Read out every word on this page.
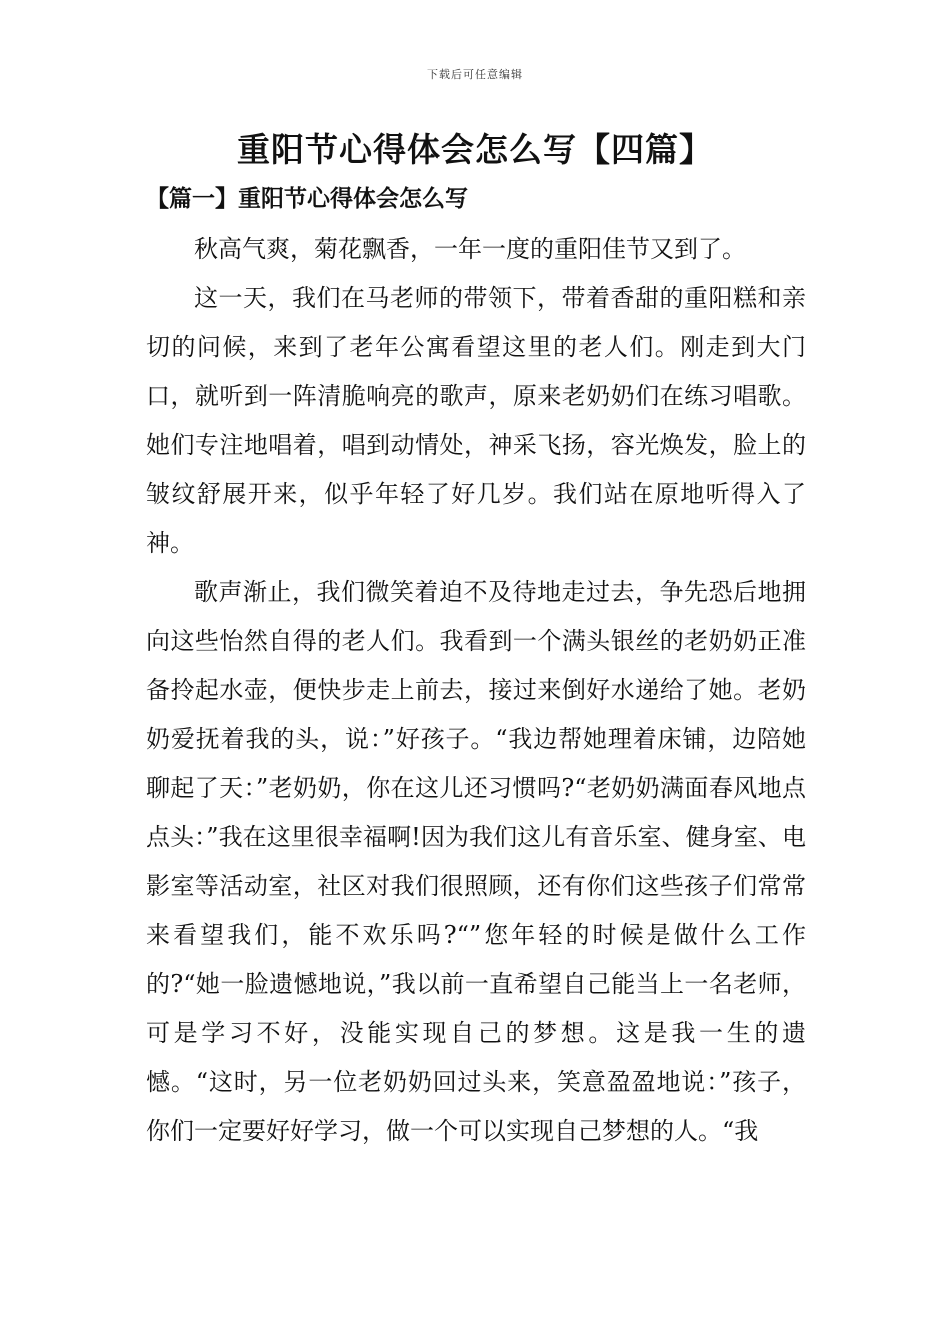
下载后可任意编辑
重阳节心得体会怎么写【四篇】
【篇一】重阳节心得体会怎么写

秋高气爽，菊花飘香，一年一度的重阳佳节又到了。

这一天，我们在马老师的带领下，带着香甜的重阳糕和亲切的问候，来到了老年公寓看望这里的老人们。刚走到大门口，就听到一阵清脆响亮的歌声，原来老奶奶们在练习唱歌。她们专注地唱着，唱到动情处，神采飞扬，容光焕发，脸上的皱纹舒展开来，似乎年轻了好几岁。我们站在原地听得入了神。

歌声渐止，我们微笑着迫不及待地走过去，争先恐后地拥向这些怡然自得的老人们。我看到一个满头银丝的老奶奶正准备拎起水壶，便快步走上前去，接过来倒好水递给了她。老奶奶爱抚着我的头，说：”好孩子。“我边帮她理着床铺，边陪她聊起了天：”老奶奶，你在这儿还习惯吗?“老奶奶满面春风地点点头：”我在这里很幸福啊!因为我们这儿有音乐室、健身室、电影室等活动室，社区对我们很照顾，还有你们这些孩子们常常来看望我们，能不欢乐吗?“”您年轻的时候是做什么工作的?“她一脸遗憾地说，”我以前一直希望自己能当上一名老师，可是学习不好，没能实现自己的梦想。这是我一生的遗憾。“这时，另一位老奶奶回过头来，笑意盈盈地说：”孩子，你们一定要好好学习，做一个可以实现自己梦想的人。“我
